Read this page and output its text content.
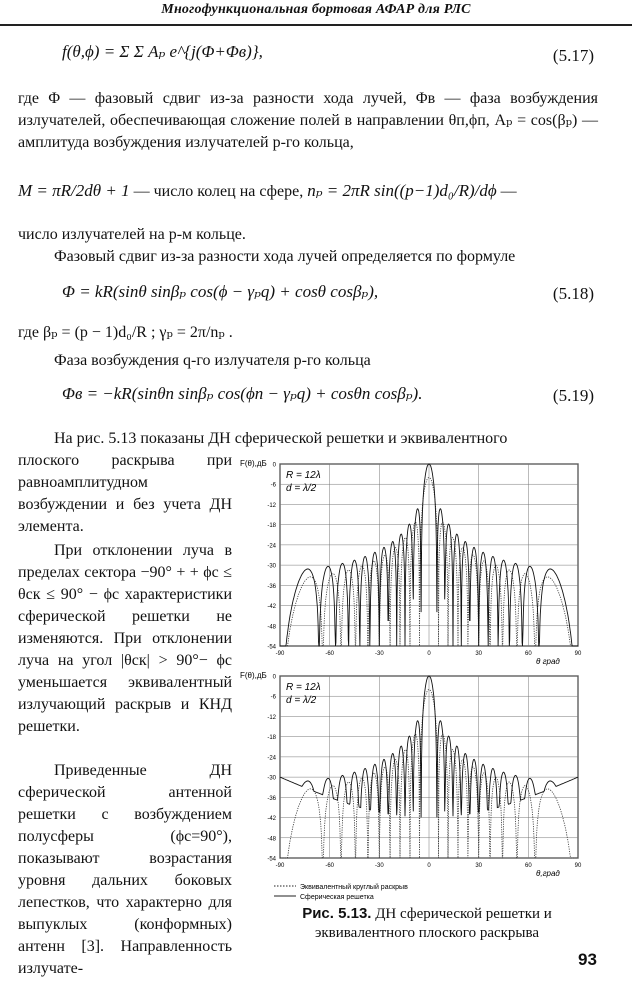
Многофункциональная бортовая АФАР для РЛС
f(θ,ϕ) = Σ Σ Aₚ e^{j(Φ+Φв)},	(5.17)
где Φ — фазовый сдвиг из-за разности хода лучей, Φв — фаза возбуждения излучателей, обеспечивающая сложение полей в направлении θп,ϕп, Aₚ = cos(βₚ) — амплитуда возбуждения излучателей p-го кольца,
M = πR/2dθ + 1 — число колец на сфере, nₚ = 2πR sin((p−1)d₀/R)/dϕ —
число излучателей на p-м кольце.
Фазовый сдвиг из-за разности хода лучей определяется по формуле
Φ = kR(sinθ sinβₚ cos(ϕ − γₚq) + cosθ cosβₚ),	(5.18)
где βₚ = (p − 1)d₀/R ; γₚ = 2π/nₚ .
Фаза возбуждения q-го излучателя p-го кольца
Φв = −kR(sinθп sinβₚ cos(ϕп − γₚq) + cosθп cosβₚ).	(5.19)
На рис. 5.13 показаны ДН сферической решетки и эквивалентного
плоского раскрыва при равноамплитудном возбуждении и без учета ДН элемента.
При отклонении луча в пределах сектора −90° + + ϕc ≤ θск ≤ 90° − ϕc характеристики сферической решетки не изменяются. При отклонении луча на угол |θск| > 90°− ϕc уменьшается эквивалентный излучающий раскрыв и КНД решетки.
Приведенные ДН сферической антенной решетки с возбуждением полусферы (ϕc=90°), показывают возрастания уровня дальних боковых лепестков, что характерно для выпуклых (конформных) антенн [3]. Направленность излучате-
0
-6
-12
-18
-24
-30
-36
-42
-48
-54
-90	-60	-30	0	30	60	90
F(θ),дБ
θ град
R = 12λ
d = λ/2
0
-6
-12
-18
-24
-30
-36
-42
-48
-54
-90	-60	-30	0	30	60	90
F(θ),дБ
θ,град
R = 12λ
d = λ/2
Эквивалентный круглый раскрыв
Сферическая решетка
Рис. 5.13. ДН сферической решетки и эквивалентного плоского раскрыва
93
